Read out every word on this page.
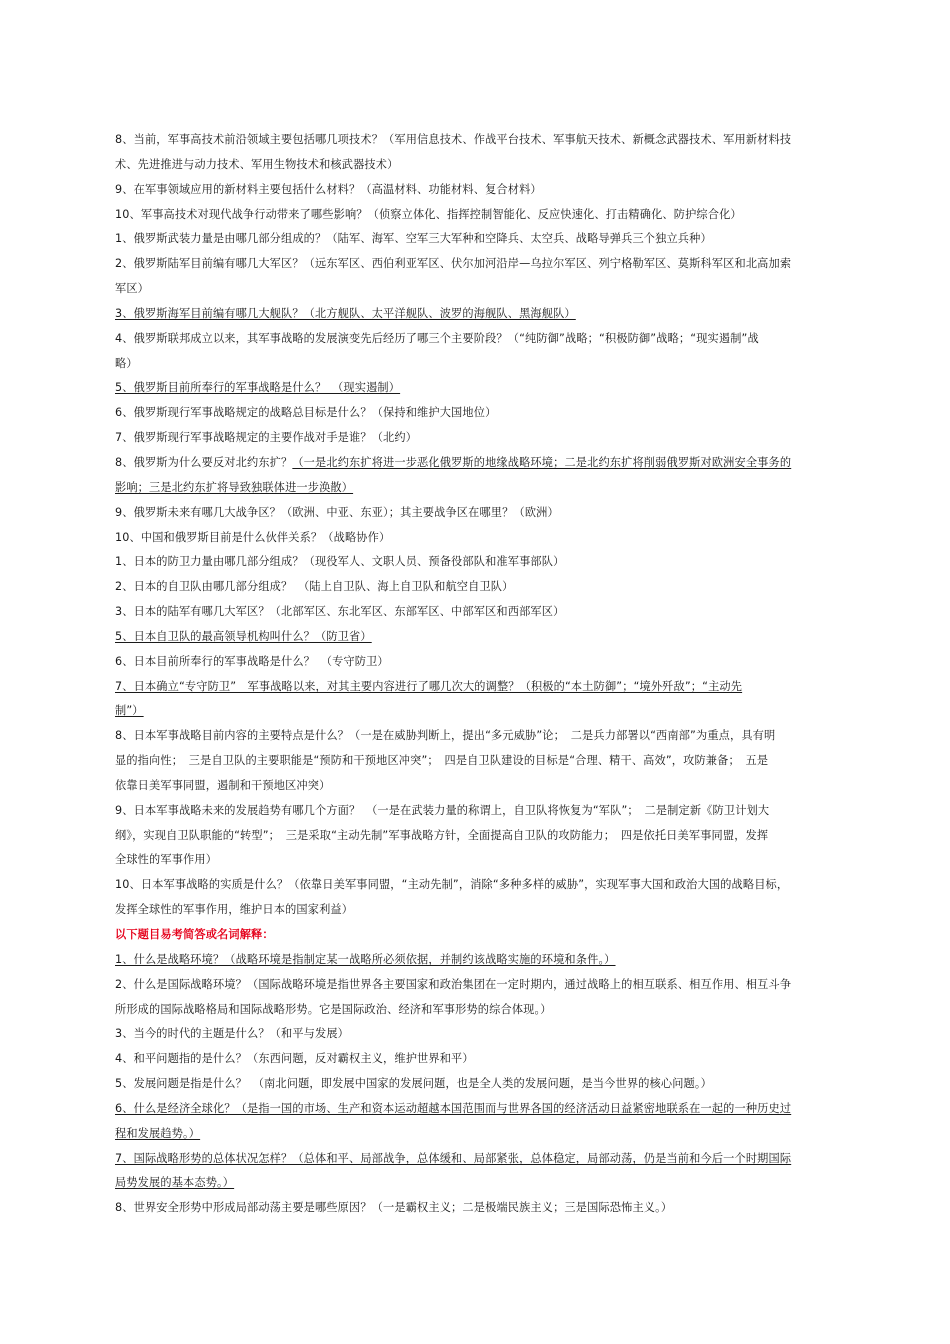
8、当前，军事高技术前沿领域主要包括哪几项技术？（军用信息技术、作战平台技术、军事航天技术、新概念武器技术、军用新材料技
术、先进推进与动力技术、军用生物技术和核武器技术）
9、在军事领域应用的新材料主要包括什么材料？（高温材料、功能材料、复合材料）
10、军事高技术对现代战争行动带来了哪些影响？（侦察立体化、指挥控制智能化、反应快速化、打击精确化、防护综合化）
1、俄罗斯武装力量是由哪几部分组成的？（陆军、海军、空军三大军种和空降兵、太空兵、战略导弹兵三个独立兵种）
2、俄罗斯陆军目前编有哪几大军区？（远东军区、西伯利亚军区、伏尔加河沿岸—乌拉尔军区、列宁格勒军区、莫斯科军区和北高加索
军区）
3、俄罗斯海军目前编有哪几大舰队？（北方舰队、太平洋舰队、波罗的海舰队、黑海舰队）
4、俄罗斯联邦成立以来，其军事战略的发展演变先后经历了哪三个主要阶段？（“纯防御”战略；“积极防御”战略；“现实遏制”战
略）
5、俄罗斯目前所奉行的军事战略是什么？　（现实遏制）
6、俄罗斯现行军事战略规定的战略总目标是什么？（保持和维护大国地位）
7、俄罗斯现行军事战略规定的主要作战对手是谁？（北约）
8、俄罗斯为什么要反对北约东扩？（一是北约东扩将进一步恶化俄罗斯的地缘战略环境；二是北约东扩将削弱俄罗斯对欧洲安全事务的
影响；三是北约东扩将导致独联体进一步涣散）
9、俄罗斯未来有哪几大战争区？（欧洲、中亚、东亚）；其主要战争区在哪里？（欧洲）
10、中国和俄罗斯目前是什么伙伴关系？（战略协作）
1、日本的防卫力量由哪几部分组成？（现役军人、文职人员、预备役部队和准军事部队）
2、日本的自卫队由哪几部分组成？　（陆上自卫队、海上自卫队和航空自卫队）
3、日本的陆军有哪几大军区？（北部军区、东北军区、东部军区、中部军区和西部军区）
5、日本自卫队的最高领导机构叫什么？（防卫省）
6、日本目前所奉行的军事战略是什么？　（专守防卫）
7、日本确立“专守防卫”　军事战略以来，对其主要内容进行了哪几次大的调整？（积极的“本土防御”；“境外歼敌”；“主动先
制”）
8、日本军事战略目前内容的主要特点是什么？（一是在威胁判断上，提出“多元威胁”论；　二是兵力部署以“西南部”为重点，具有明
显的指向性；　三是自卫队的主要职能是“预防和干预地区冲突”；　四是自卫队建设的目标是“合理、精干、高效”，攻防兼备；　五是
依靠日美军事同盟，遏制和干预地区冲突）
9、日本军事战略未来的发展趋势有哪几个方面？　（一是在武装力量的称谓上，自卫队将恢复为“军队”；　二是制定新《防卫计划大
纲》，实现自卫队职能的“转型”；　三是采取“主动先制”军事战略方针，全面提高自卫队的攻防能力；　四是依托日美军事同盟，发挥
全球性的军事作用）
10、日本军事战略的实质是什么？（依靠日美军事同盟，“主动先制”，消除“多种多样的威胁”，实现军事大国和政治大国的战略目标，
发挥全球性的军事作用，维护日本的国家利益）
以下题目易考简答或名词解释：
1、什么是战略环境？（战略环境是指制定某一战略所必须依据，并制约该战略实施的环境和条件。）
2、什么是国际战略环境？（国际战略环境是指世界各主要国家和政治集团在一定时期内，通过战略上的相互联系、相互作用、相互斗争
所形成的国际战略格局和国际战略形势。它是国际政治、经济和军事形势的综合体现。）
3、当今的时代的主题是什么？（和平与发展）
4、和平问题指的是什么？（东西问题，反对霸权主义，维护世界和平）
5、发展问题是指是什么？　（南北问题，即发展中国家的发展问题，也是全人类的发展问题，是当今世界的核心问题。）
6、什么是经济全球化？（是指一国的市场、生产和资本运动超越本国范围而与世界各国的经济活动日益紧密地联系在一起的一种历史过
程和发展趋势。）
7、国际战略形势的总体状况怎样？（总体和平、局部战争，总体缓和、局部紧张，总体稳定，局部动荡，仍是当前和今后一个时期国际
局势发展的基本态势。）
8、世界安全形势中形成局部动荡主要是哪些原因？（一是霸权主义；二是极端民族主义；三是国际恐怖主义。）
